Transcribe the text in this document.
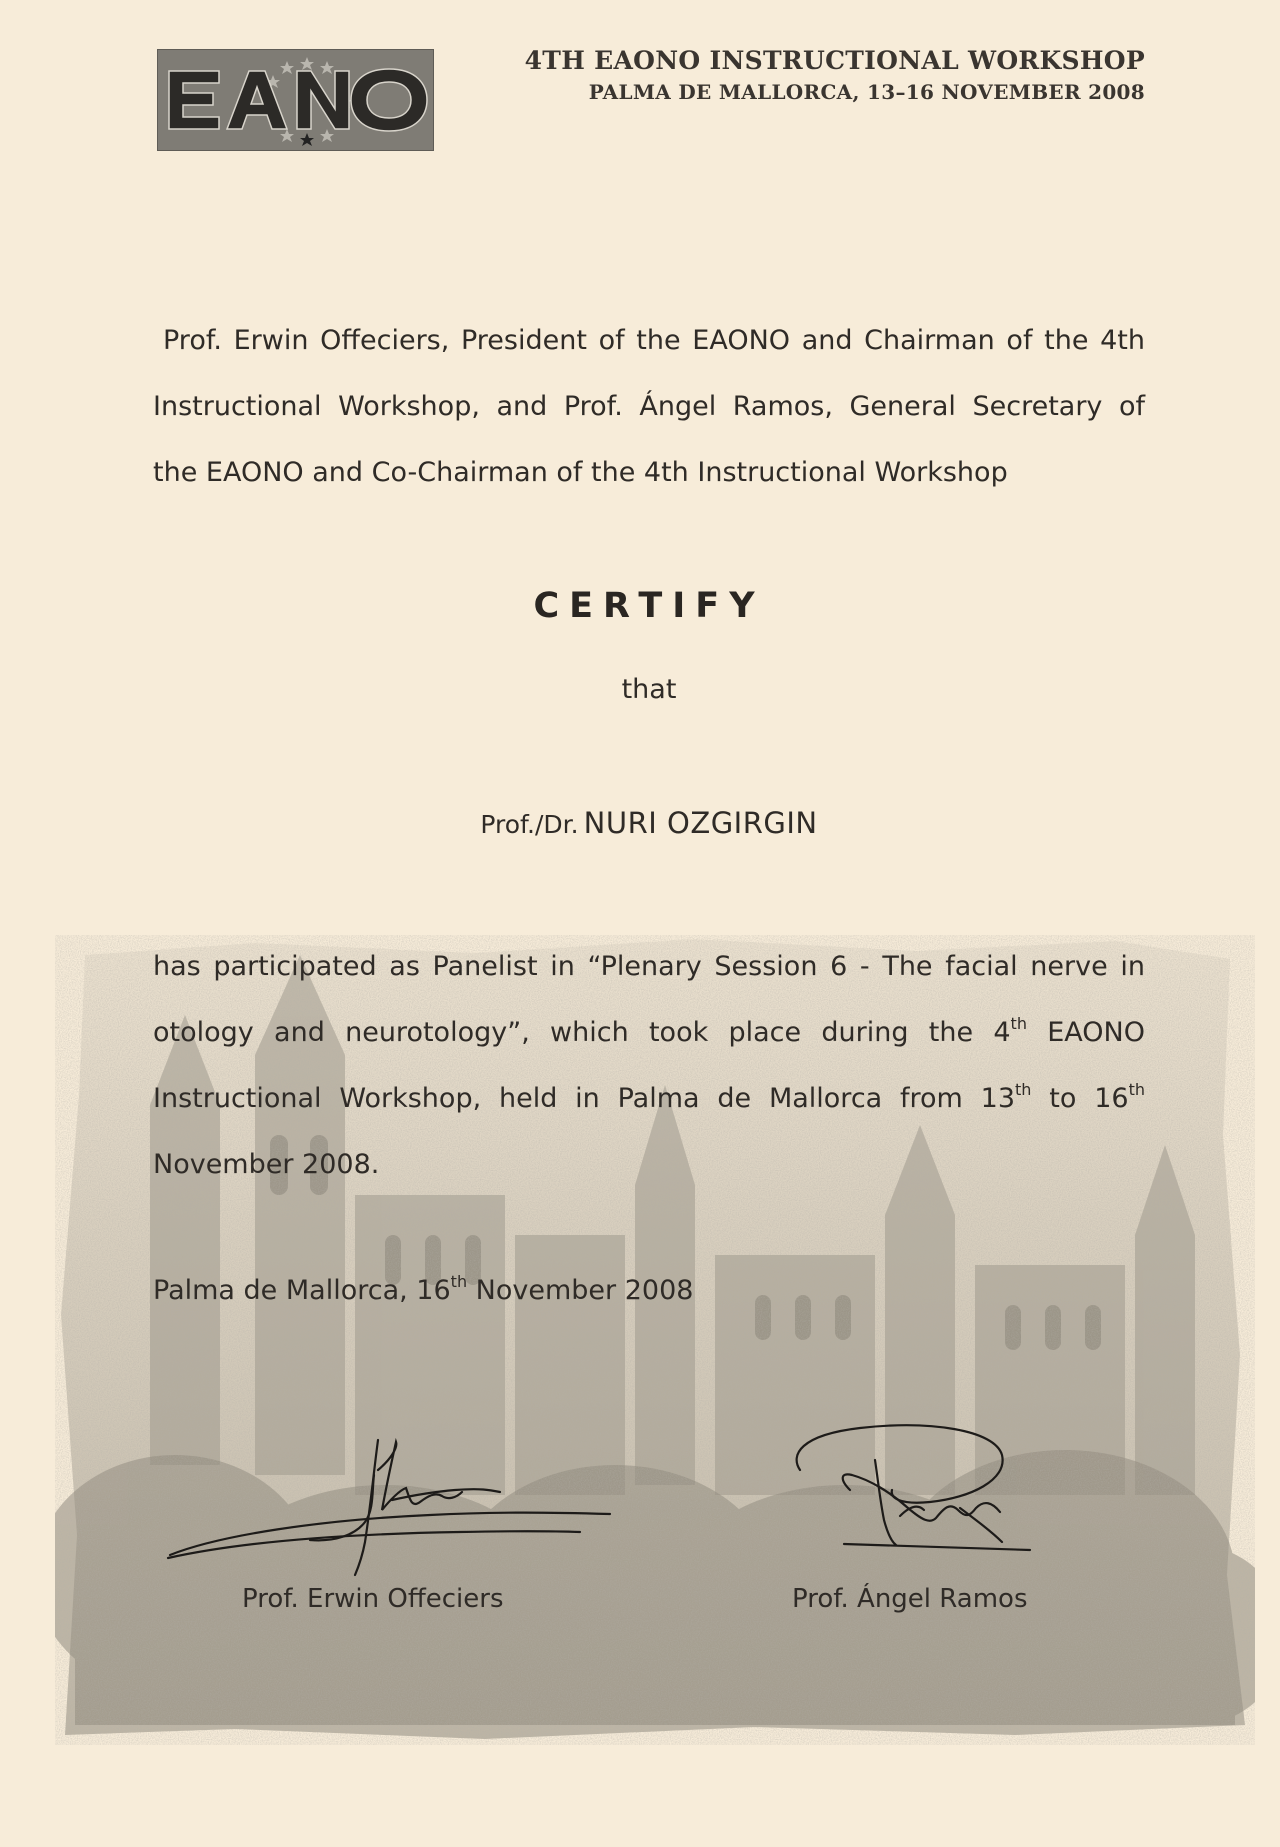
4TH EAONO INSTRUCTIONAL WORKSHOP
PALMA DE MALLORCA, 13–16 NOVEMBER 2008
Prof. Erwin Offeciers, President of the EAONO and Chairman of the 4th
Instructional Workshop, and Prof. Ángel Ramos, General Secretary of
the EAONO and Co-Chairman of the 4th Instructional Workshop
CERTIFY
that
Prof./Dr. NURI OZGIRGIN
has participated as Panelist in “Plenary Session 6 - The facial nerve in
otology and neurotology”, which took place during the 4th EAONO
Instructional Workshop, held in Palma de Mallorca from 13th to 16th
November 2008.
Palma de Mallorca, 16th November 2008
Prof. Erwin Offeciers	Prof. Ángel Ramos
